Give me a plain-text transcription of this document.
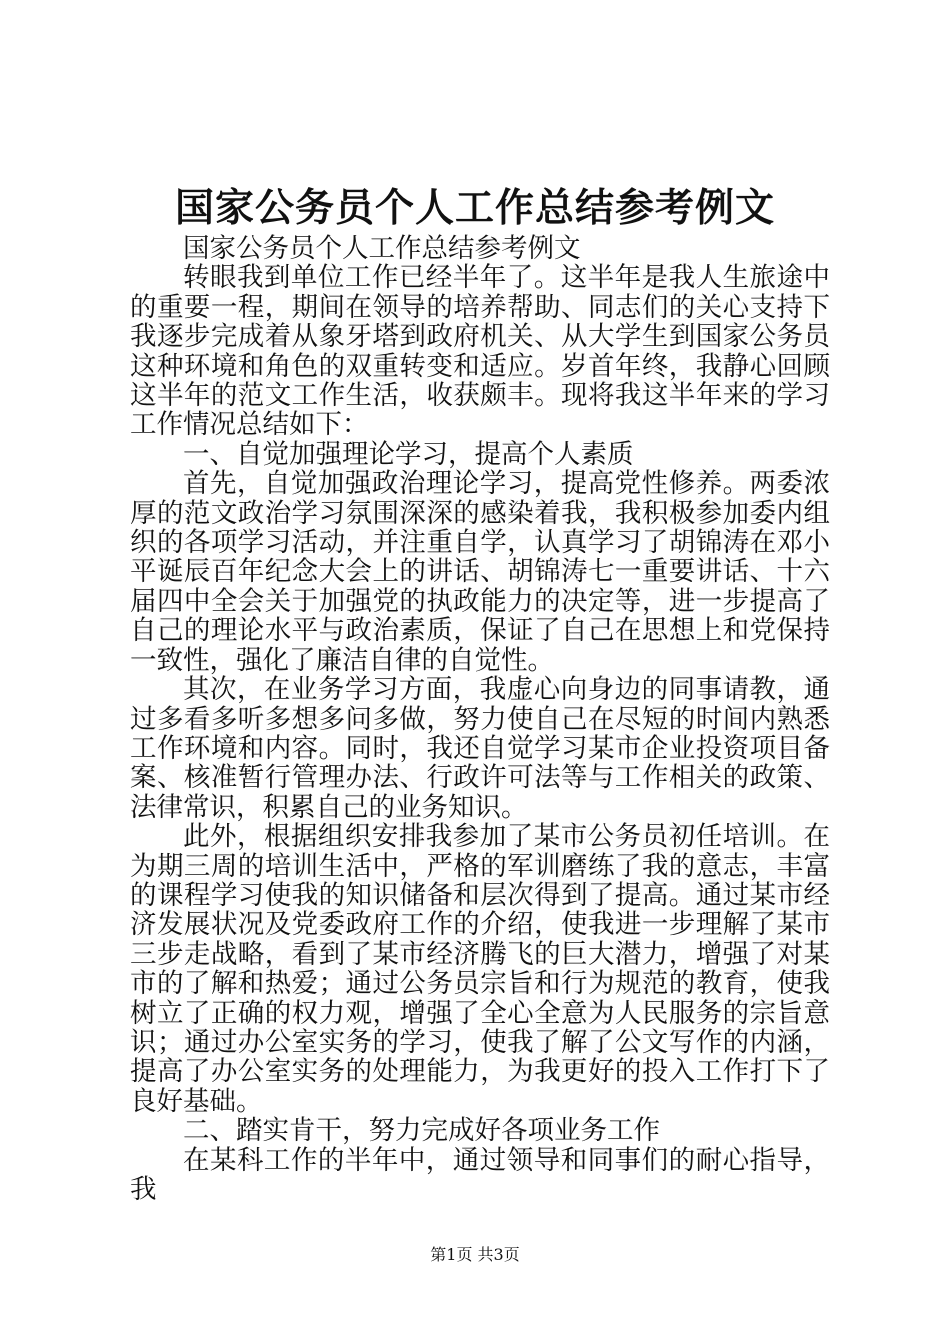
国家公务员个人工作总结参考例文

国家公务员个人工作总结参考例文

转眼我到单位工作已经半年了。这半年是我人生旅途中的重要一程，期间在领导的培养帮助、同志们的关心支持下我逐步完成着从象牙塔到政府机关、从大学生到国家公务员这种环境和角色的双重转变和适应。岁首年终，我静心回顾这半年的范文工作生活，收获颇丰。现将我这半年来的学习工作情况总结如下：

一、自觉加强理论学习，提高个人素质

首先，自觉加强政治理论学习，提高党性修养。两委浓厚的范文政治学习氛围深深的感染着我，我积极参加委内组织的各项学习活动，并注重自学，认真学习了胡锦涛在邓小平诞辰百年纪念大会上的讲话、胡锦涛七一重要讲话、十六届四中全会关于加强党的执政能力的决定等，进一步提高了自己的理论水平与政治素质，保证了自己在思想上和党保持一致性，强化了廉洁自律的自觉性。

其次，在业务学习方面，我虚心向身边的同事请教，通过多看多听多想多问多做，努力使自己在尽短的时间内熟悉工作环境和内容。同时，我还自觉学习某市企业投资项目备案、核准暂行管理办法、行政许可法等与工作相关的政策、法律常识，积累自己的业务知识。

此外，根据组织安排我参加了某市公务员初任培训。在为期三周的培训生活中，严格的军训磨练了我的意志，丰富的课程学习使我的知识储备和层次得到了提高。通过某市经济发展状况及党委政府工作的介绍，使我进一步理解了某市三步走战略，看到了某市经济腾飞的巨大潜力，增强了对某市的了解和热爱；通过公务员宗旨和行为规范的教育，使我树立了正确的权力观，增强了全心全意为人民服务的宗旨意识；通过办公室实务的学习，使我了解了公文写作的内涵，提高了办公室实务的处理能力，为我更好的投入工作打下了良好基础。

二、踏实肯干，努力完成好各项业务工作

在某科工作的半年中，通过领导和同事们的耐心指导，我

第1页 共3页
